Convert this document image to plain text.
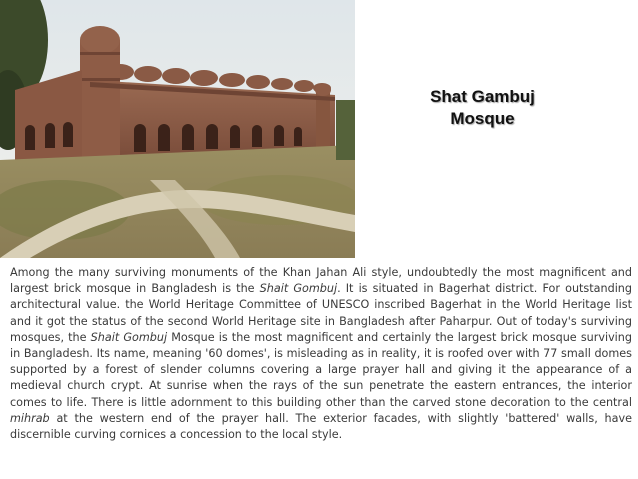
Shat Gambuj
Mosque

Among the many surviving monuments of the Khan Jahan Ali style, undoubtedly the most magnificent and largest brick mosque in Bangladesh is the Shait Gombuj. It is situated in Bagerhat district. For outstanding architectural value. the World Heritage Committee of UNESCO inscribed Bagerhat in the World Heritage list and it got the status of the second World Heritage site in Bangladesh after Paharpur. Out of today's surviving mosques, the Shait Gombuj Mosque is the most magnificent and certainly the largest brick mosque surviving in Bangladesh. Its name, meaning '60 domes', is misleading as in reality, it is roofed over with 77 small domes supported by a forest of slender columns covering a large prayer hall and giving it the appearance of a medieval church crypt. At sunrise when the rays of the sun penetrate the eastern entrances, the interior comes to life. There is little adornment to this building other than the carved stone decoration to the central mihrab at the western end of the prayer hall. The exterior facades, with slightly 'battered' walls, have discernible curving cornices a concession to the local style.
